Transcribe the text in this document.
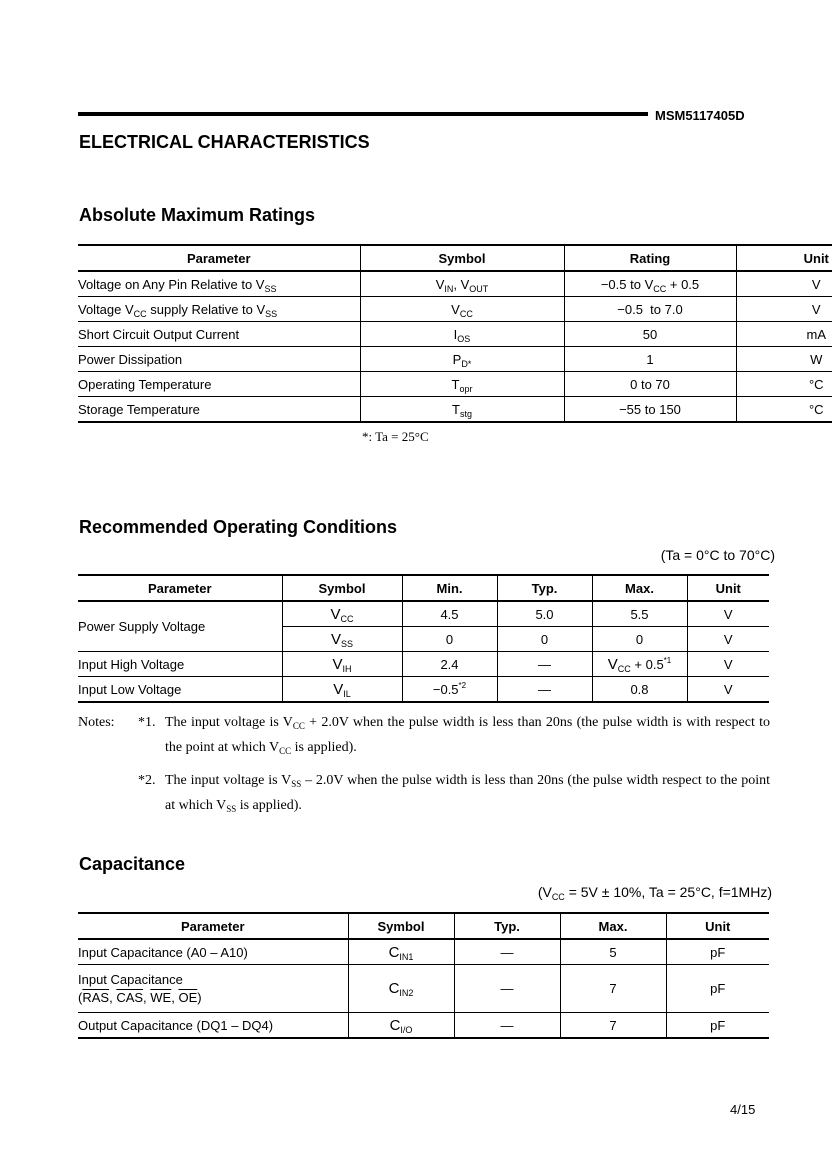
MSM5117405D
ELECTRICAL CHARACTERISTICS
Absolute Maximum Ratings
Parameter	Symbol	Rating	Unit
Voltage on Any Pin Relative to $V_{SS}$	$V_{IN}$, $V_{OUT}$	−0.5 to $V_{CC} + 0.5$	V
Voltage $V_{CC}$ supply Relative to $V_{SS}$	$V_{CC}$	−0.5  to 7.0	V
Short Circuit Output Current	$I_{OS}$	50	mA
Power Dissipation	$P_{D*}$	1	W
Operating Temperature	$T_{opr}$	0 to 70	°C
Storage Temperature	$T_{stg}$	−55 to 150	°C
*: Ta = 25°C
Recommended Operating Conditions
(Ta = 0°C to 70°C)
Parameter	Symbol	Min.	Typ.	Max.	Unit
Power Supply Voltage	$V_{CC}$	4.5	5.0	5.5	V
	$V_{SS}$	0	0	0	V
Input High Voltage	$V_{IH}$	2.4	—	$V_{CC} + 0.5^{*1}$	V
Input Low Voltage	$V_{IL}$	$-0.5^{*2}$	—	0.8	V
Notes: *1. The input voltage is $V_{CC} + 2.0V$ when the pulse width is less than 20ns (the pulse width is with respect to the point at which $V_{CC}$ is applied).
*2. The input voltage is $V_{SS} - 2.0V$ when the pulse width is less than 20ns (the pulse width respect to the point at which $V_{SS}$ is applied).
Capacitance
($V_{CC} = 5V \pm 10\%$, Ta = 25°C, f=1MHz)
Parameter	Symbol	Typ.	Max.	Unit
Input Capacitance (A0 – A10)	$C_{IN1}$	—	5	pF

Input Capacitance
($\overline{RAS}$, $\overline{CAS}$, $\overline{WE}$, $\overline{OE}$)	$C_{IN2}$	—	7	pF
Output Capacitance (DQ1 – DQ4)	$C_{I/O}$	—	7	pF
4/15
